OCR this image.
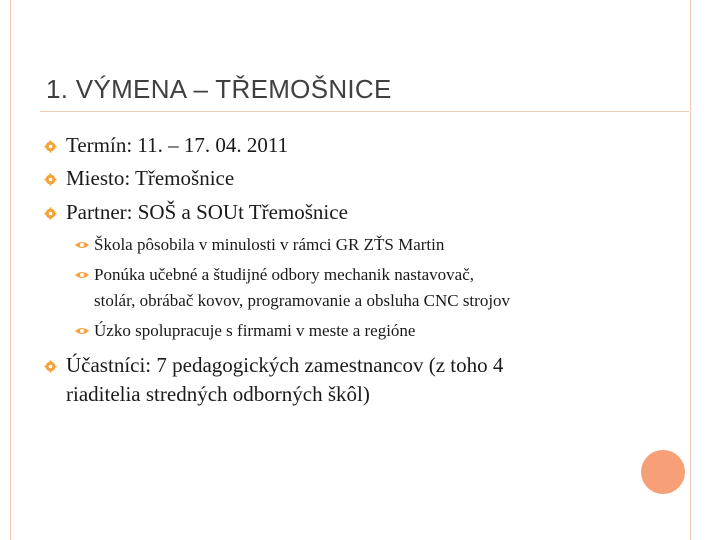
1. VÝMENA – TŘEMOŠNICE
Termín: 11. – 17. 04. 2011
Miesto: Třemošnice
Partner: SOŠ a SOUt Třemošnice
Škola pôsobila v minulosti v rámci GR ZŤS Martin
Ponúka učebné a študijné odbory mechanik nastavovač,
stolár, obrábač kovov, programovanie a obsluha CNC strojov
Úzko spolupracuje s firmami v meste a regióne
Účastníci: 7 pedagogických zamestnancov (z toho 4
riaditelia stredných odborných škôl)
